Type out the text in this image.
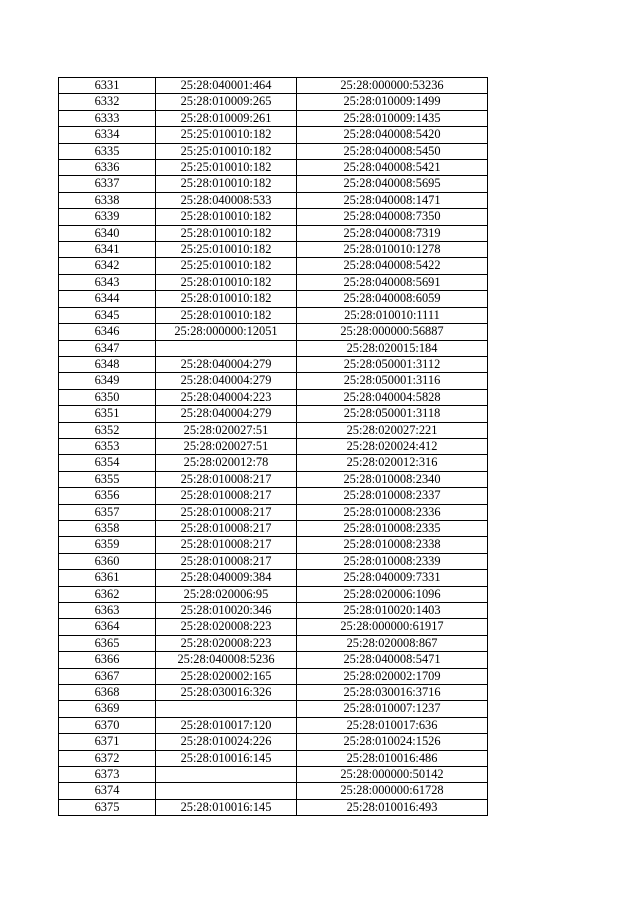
6331	25:28:040001:464	25:28:000000:53236
6332	25:28:010009:265	25:28:010009:1499
6333	25:28:010009:261	25:28:010009:1435
6334	25:25:010010:182	25:28:040008:5420
6335	25:25:010010:182	25:28:040008:5450
6336	25:25:010010:182	25:28:040008:5421
6337	25:28:010010:182	25:28:040008:5695
6338	25:28:040008:533	25:28:040008:1471
6339	25:28:010010:182	25:28:040008:7350
6340	25:28:010010:182	25:28:040008:7319
6341	25:25:010010:182	25:28:010010:1278
6342	25:25:010010:182	25:28:040008:5422
6343	25:28:010010:182	25:28:040008:5691
6344	25:28:010010:182	25:28:040008:6059
6345	25:28:010010:182	25:28:010010:1111
6346	25:28:000000:12051	25:28:000000:56887
6347		25:28:020015:184
6348	25:28:040004:279	25:28:050001:3112
6349	25:28:040004:279	25:28:050001:3116
6350	25:28:040004:223	25:28:040004:5828
6351	25:28:040004:279	25:28:050001:3118
6352	25:28:020027:51	25:28:020027:221
6353	25:28:020027:51	25:28:020024:412
6354	25:28:020012:78	25:28:020012:316
6355	25:28:010008:217	25:28:010008:2340
6356	25:28:010008:217	25:28:010008:2337
6357	25:28:010008:217	25:28:010008:2336
6358	25:28:010008:217	25:28:010008:2335
6359	25:28:010008:217	25:28:010008:2338
6360	25:28:010008:217	25:28:010008:2339
6361	25:28:040009:384	25:28:040009:7331
6362	25:28:020006:95	25:28:020006:1096
6363	25:28:010020:346	25:28:010020:1403
6364	25:28:020008:223	25:28:000000:61917
6365	25:28:020008:223	25:28:020008:867
6366	25:28:040008:5236	25:28:040008:5471
6367	25:28:020002:165	25:28:020002:1709
6368	25:28:030016:326	25:28:030016:3716
6369		25:28:010007:1237
6370	25:28:010017:120	25:28:010017:636
6371	25:28:010024:226	25:28:010024:1526
6372	25:28:010016:145	25:28:010016:486
6373		25:28:000000:50142
6374		25:28:000000:61728
6375	25:28:010016:145	25:28:010016:493
